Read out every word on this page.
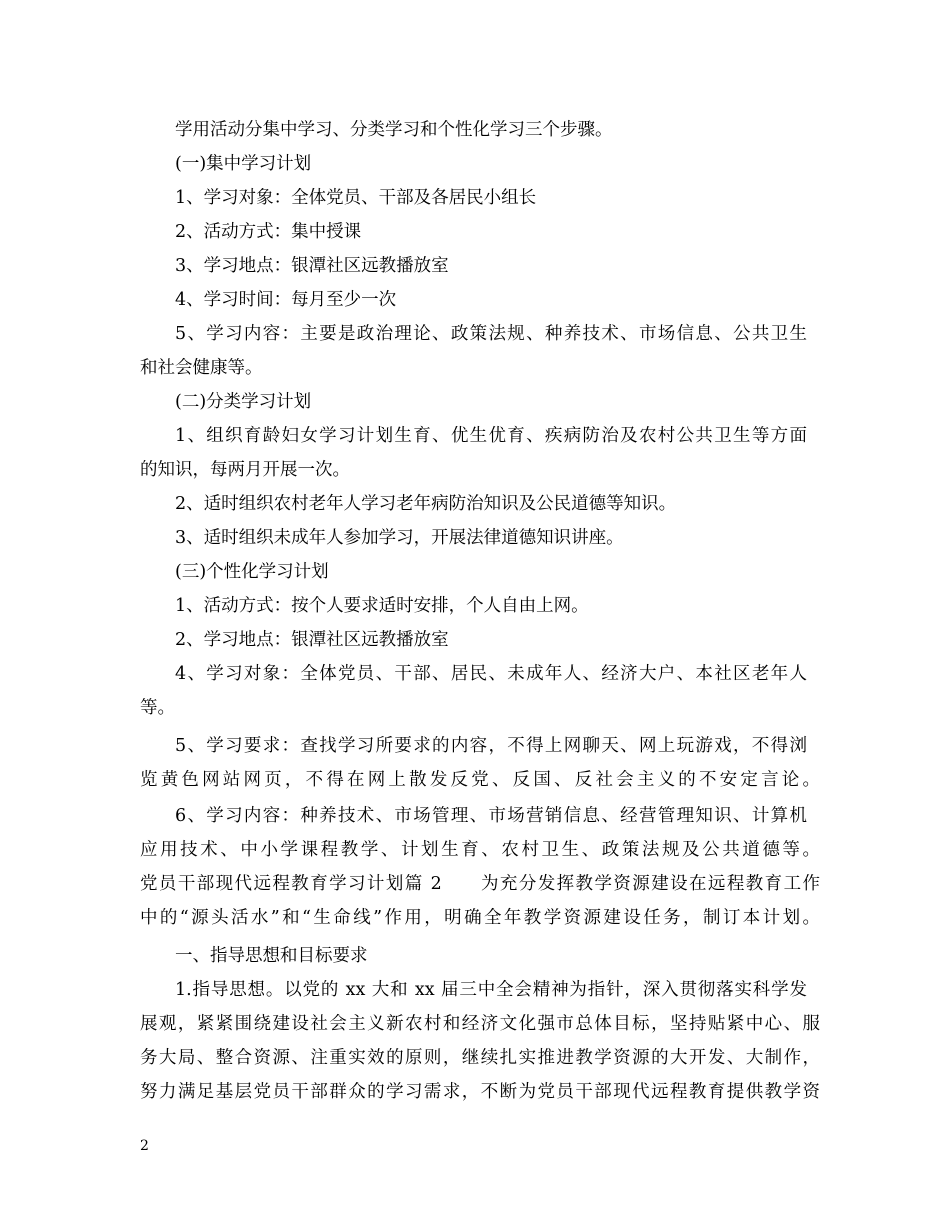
学用活动分集中学习、分类学习和个性化学习三个步骤。
(一)集中学习计划
1、学习对象：全体党员、干部及各居民小组长
2、活动方式：集中授课
3、学习地点：银潭社区远教播放室
4、学习时间：每月至少一次
5、学习内容：主要是政治理论、政策法规、种养技术、市场信息、公共卫生
和社会健康等。
(二)分类学习计划
1、组织育龄妇女学习计划生育、优生优育、疾病防治及农村公共卫生等方面
的知识，每两月开展一次。
2、适时组织农村老年人学习老年病防治知识及公民道德等知识。
3、适时组织未成年人参加学习，开展法律道德知识讲座。
(三)个性化学习计划
1、活动方式：按个人要求适时安排，个人自由上网。
2、学习地点：银潭社区远教播放室
4、学习对象：全体党员、干部、居民、未成年人、经济大户、本社区老年人
等。
5、学习要求：查找学习所要求的内容，不得上网聊天、网上玩游戏，不得浏
览黄色网站网页，不得在网上散发反党、反国、反社会主义的不安定言论。
6、学习内容：种养技术、市场管理、市场营销信息、经营管理知识、计算机
应用技术、中小学课程教学、计划生育、农村卫生、政策法规及公共道德等。
党员干部现代远程教育学习计划篇 2　　为充分发挥教学资源建设在远程教育工作
中的“源头活水”和“生命线”作用，明确全年教学资源建设任务，制订本计划。
一、指导思想和目标要求
1.指导思想。以党的 xx 大和 xx 届三中全会精神为指针，深入贯彻落实科学发
展观，紧紧围绕建设社会主义新农村和经济文化强市总体目标，坚持贴紧中心、服
务大局、整合资源、注重实效的原则，继续扎实推进教学资源的大开发、大制作，
努力满足基层党员干部群众的学习需求，不断为党员干部现代远程教育提供教学资
2
